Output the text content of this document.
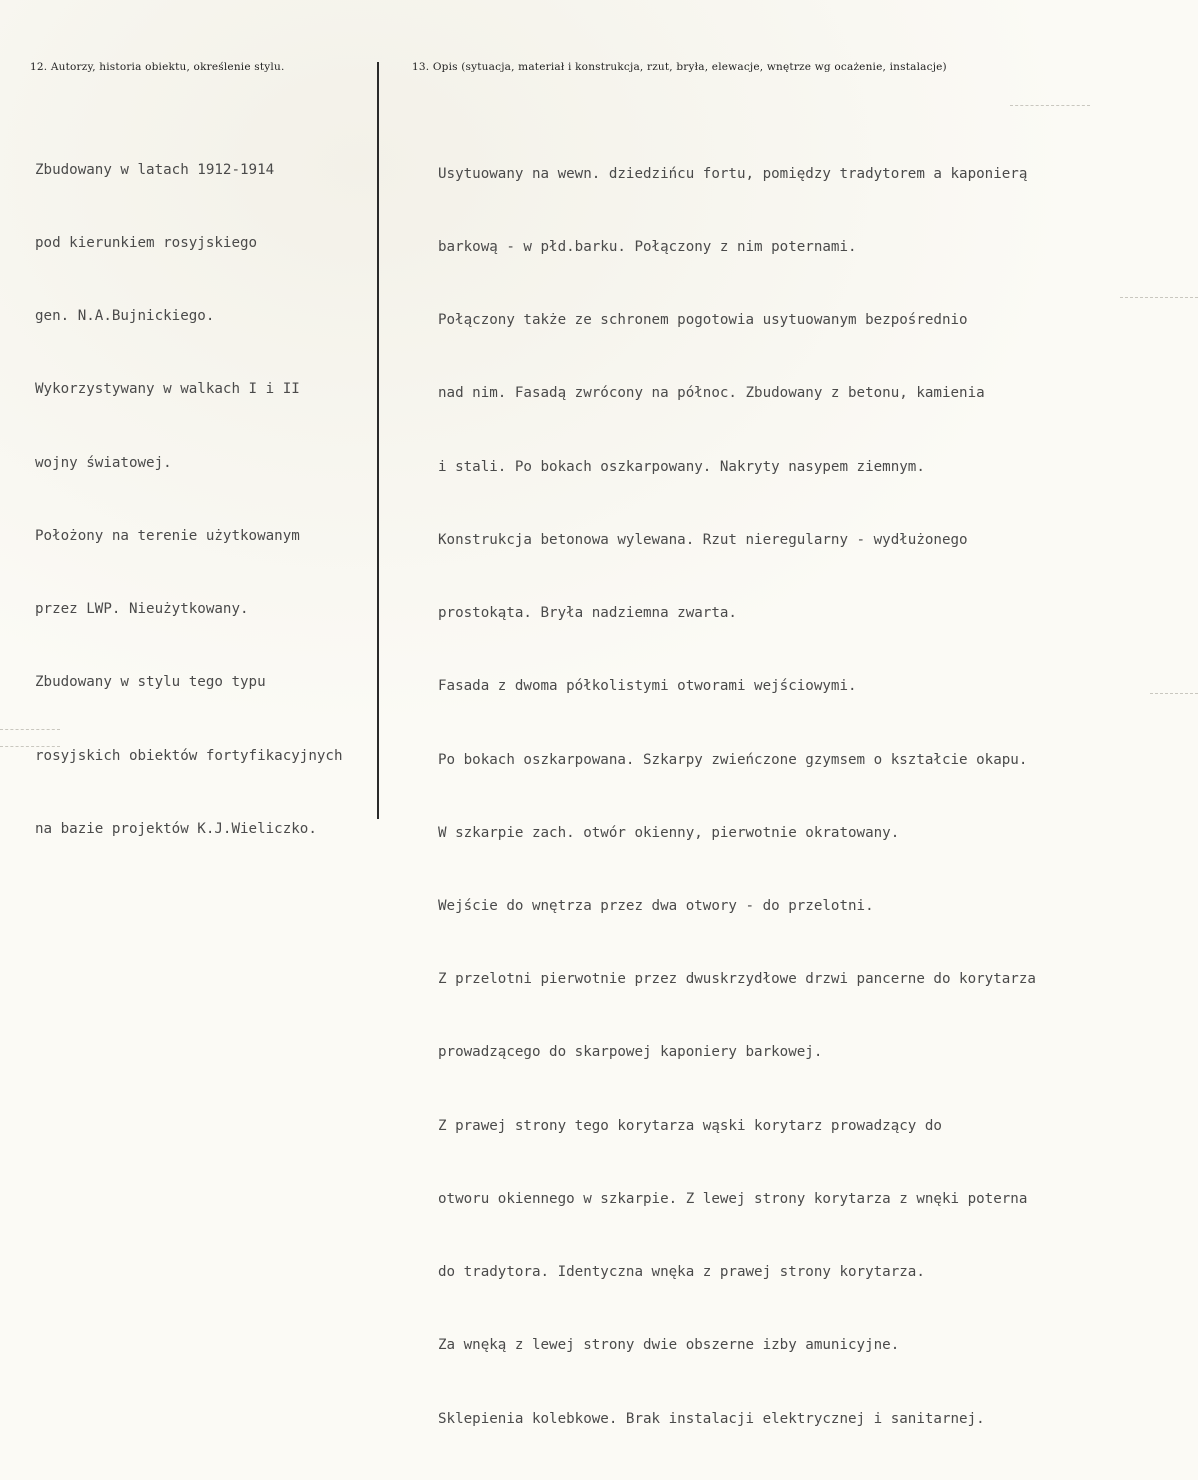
12. Autorzy, historia obiektu, określenie stylu.	13. Opis (sytuacja, materiał i konstrukcja, rzut, bryła, elewacje, wnętrze wg ocażenie, instalacje)

Zbudowany w latach 1912-1914

pod kierunkiem rosyjskiego

gen. N.A.Bujnickiego.

Wykorzystywany w walkach I i II

wojny światowej.

Położony na terenie użytkowanym

przez LWP. Nieużytkowany.

Zbudowany w stylu tego typu

rosyjskich obiektów fortyfikacyjnych

na bazie projektów K.J.Wieliczko.

Usytuowany na wewn. dziedzińcu fortu, pomiędzy tradytorem a kaponierą

barkową - w płd.barku. Połączony z nim poternami.

Połączony także ze schronem pogotowia usytuowanym bezpośrednio

nad nim. Fasadą zwrócony na północ. Zbudowany z betonu, kamienia

i stali. Po bokach oszkarpowany. Nakryty nasypem ziemnym.

Konstrukcja betonowa wylewana. Rzut nieregularny - wydłużonego

prostokąta. Bryła nadziemna zwarta.

Fasada z dwoma półkolistymi otworami wejściowymi.

Po bokach oszkarpowana. Szkarpy zwieńczone gzymsem o kształcie okapu.

W szkarpie zach. otwór okienny, pierwotnie okratowany.

Wejście do wnętrza przez dwa otwory - do przelotni.

Z przelotni pierwotnie przez dwuskrzydłowe drzwi pancerne do korytarza

prowadzącego do skarpowej kaponiery barkowej.

Z prawej strony tego korytarza wąski korytarz prowadzący do

otworu okiennego w szkarpie. Z lewej strony korytarza z wnęki poterna

do tradytora. Identyczna wnęka z prawej strony korytarza.

Za wnęką z lewej strony dwie obszerne izby amunicyjne.

Sklepienia kolebkowe. Brak instalacji elektrycznej i sanitarnej.
